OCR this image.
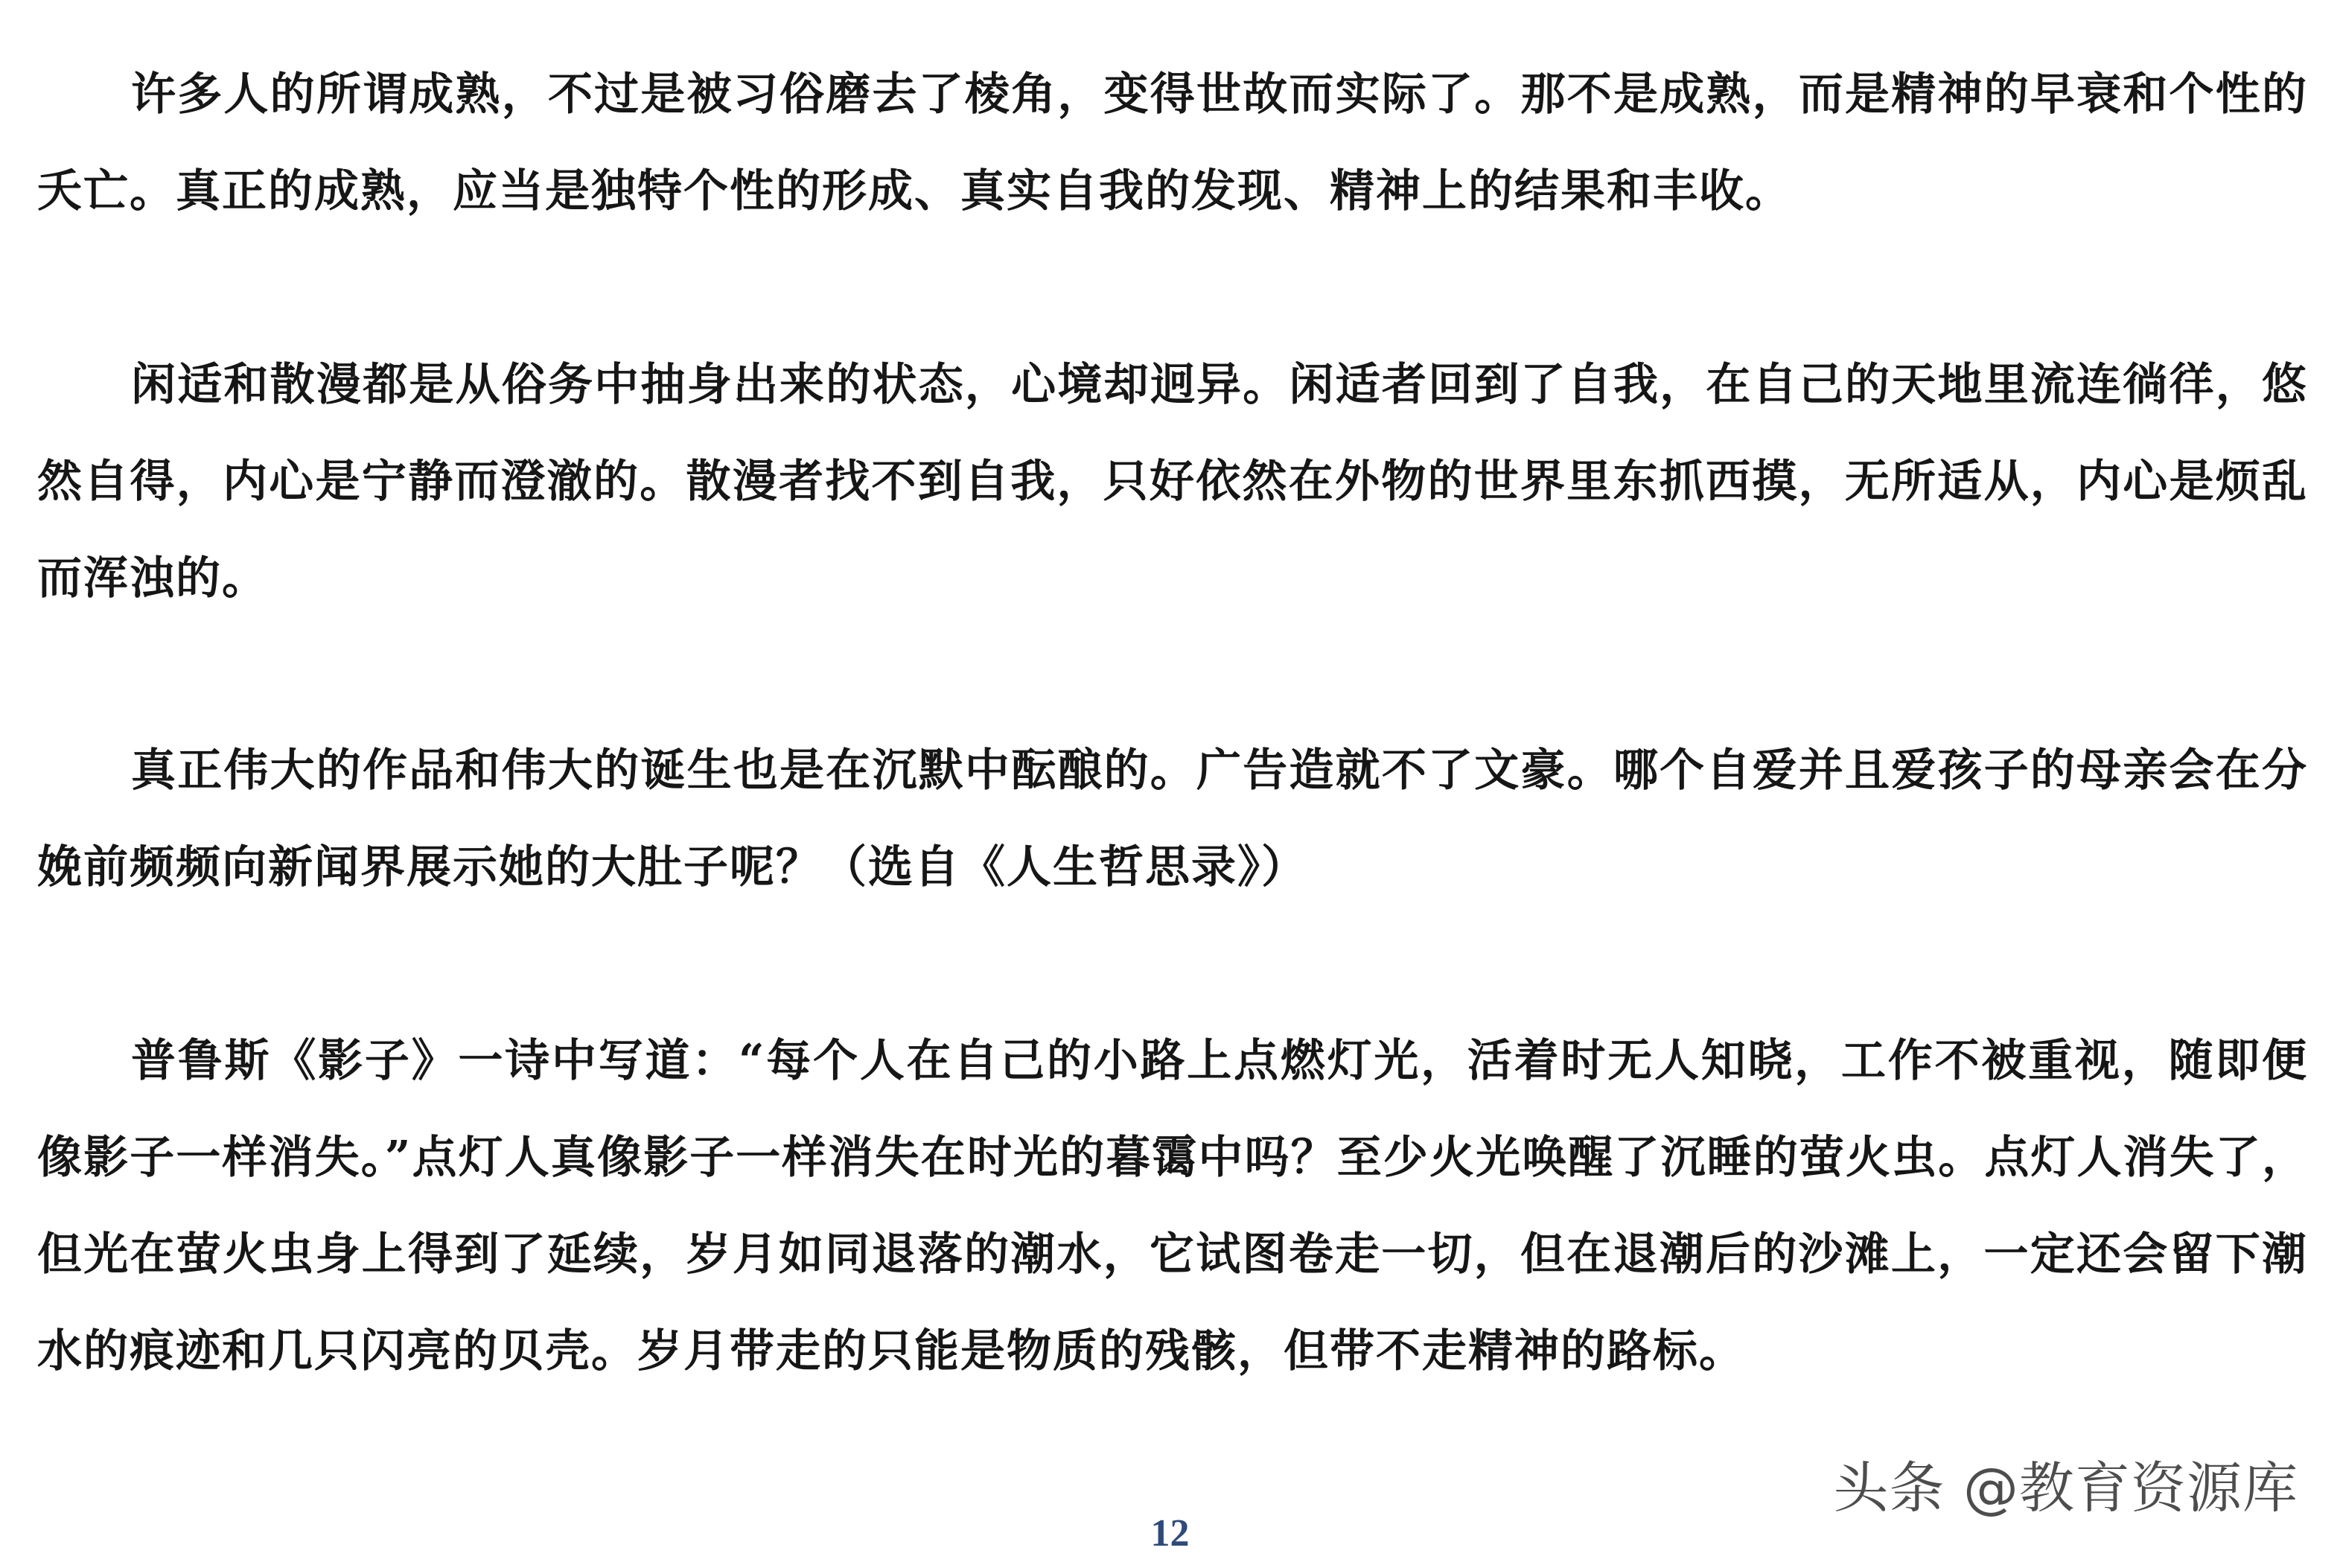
许多人的所谓成熟，不过是被习俗磨去了棱角，变得世故而实际了。那不是成熟，而是精神的早衰和个性的夭亡。真正的成熟，应当是独特个性的形成、真实自我的发现、精神上的结果和丰收。

闲适和散漫都是从俗务中抽身出来的状态，心境却迥异。闲适者回到了自我，在自己的天地里流连徜徉，悠然自得，内心是宁静而澄澈的。散漫者找不到自我，只好依然在外物的世界里东抓西摸，无所适从，内心是烦乱而浑浊的。

真正伟大的作品和伟大的诞生也是在沉默中酝酿的。广告造就不了文豪。哪个自爱并且爱孩子的母亲会在分娩前频频向新闻界展示她的大肚子呢？（选自《人生哲思录》）

普鲁斯《影子》一诗中写道：“每个人在自己的小路上点燃灯光，活着时无人知晓，工作不被重视，随即便像影子一样消失。”点灯人真像影子一样消失在时光的暮霭中吗？至少火光唤醒了沉睡的萤火虫。点灯人消失了，但光在萤火虫身上得到了延续，岁月如同退落的潮水，它试图卷走一切，但在退潮后的沙滩上，一定还会留下潮水的痕迹和几只闪亮的贝壳。岁月带走的只能是物质的残骸，但带不走精神的路标。

头条 @教育资源库
12
